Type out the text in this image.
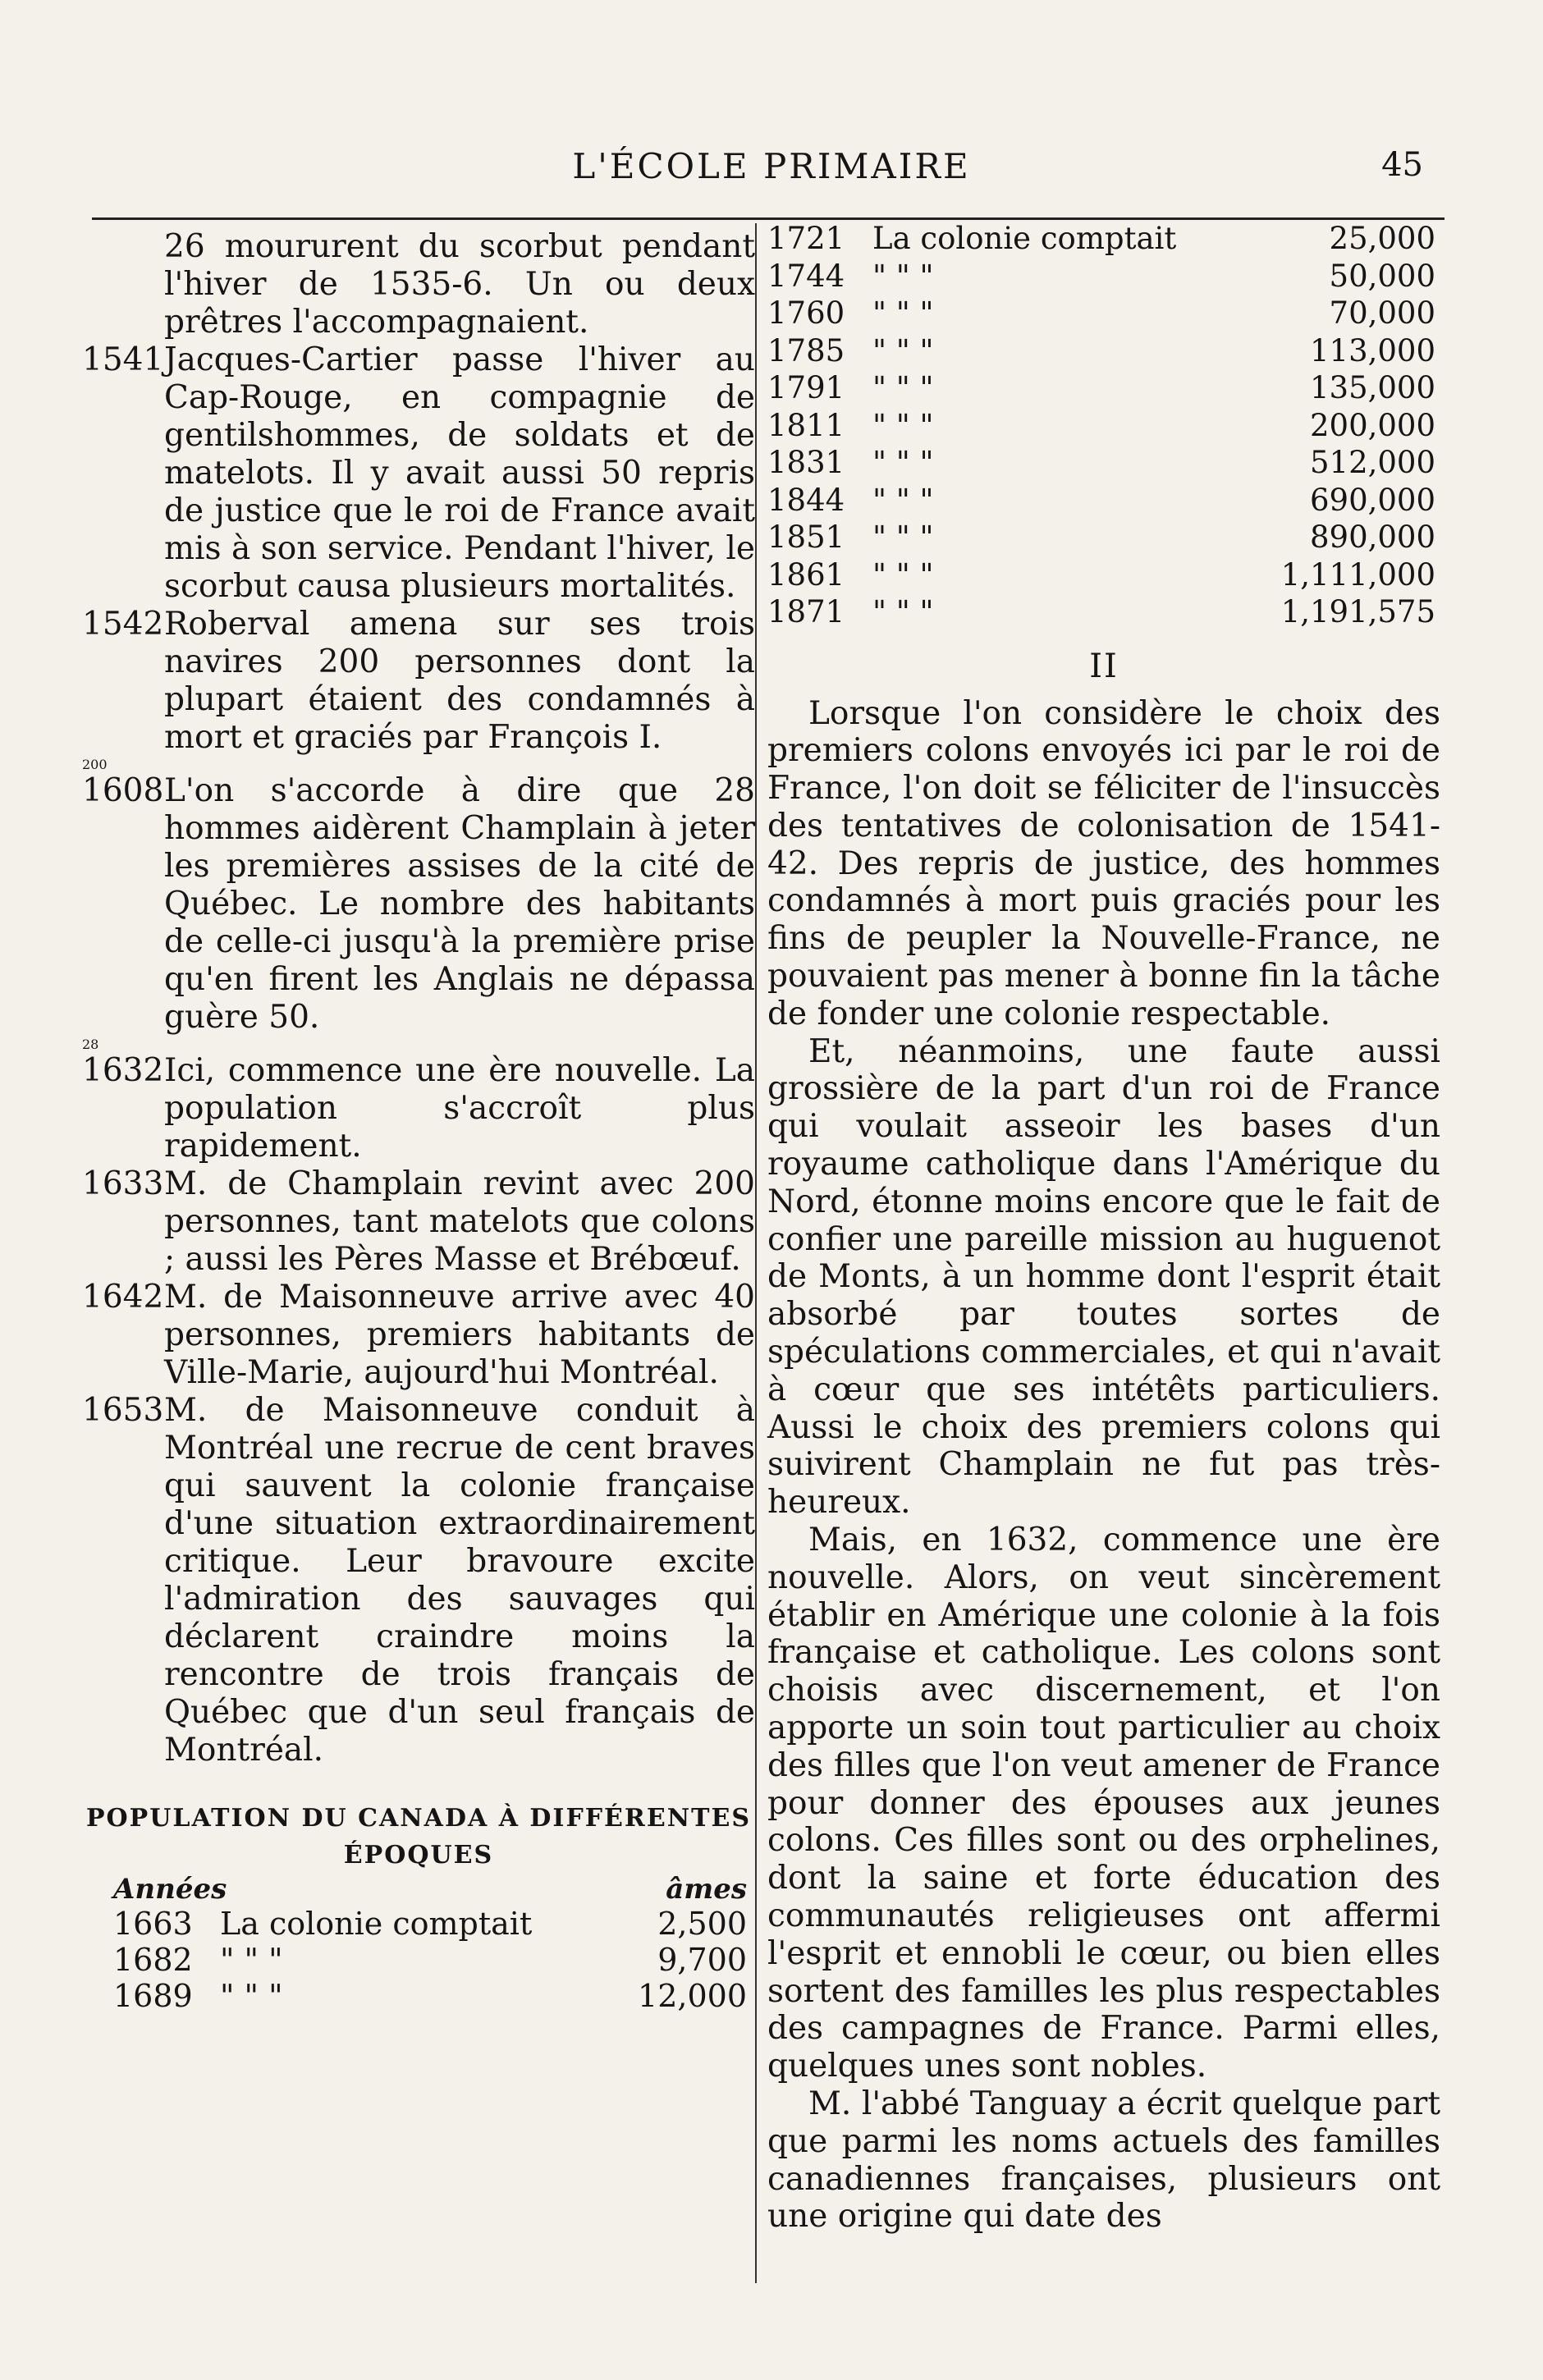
L'ÉCOLE PRIMAIRE	45
26 moururent du scorbut pendant l'hiver de 1535-6. Un ou deux prêtres l'accompagnaient.
1541 Jacques-Cartier passe l'hiver au Cap-Rouge, en compagnie de gentilshommes, de soldats et de matelots. Il y avait aussi 50 repris de justice que le roi de France avait mis à son service. Pendant l'hiver, le scorbut causa plusieurs mortalités.
1542 Roberval amena sur ses trois navires 200 personnes dont la plupart étaient des condamnés à mort et graciés par François I.
200
1608 L'on s'accorde à dire que 28 hommes aidèrent Champlain à jeter les premières assises de la cité de Québec. Le nombre des habitants de celle-ci jusqu'à la première prise qu'en firent les Anglais ne dépassa guère 50.
28
1632 Ici, commence une ère nouvelle. La population s'accroît plus rapidement.
1633 M. de Champlain revint avec 200 personnes, tant matelots que colons ; aussi les Pères Masse et Brébœuf.
1642 M. de Maisonneuve arrive avec 40 personnes, premiers habitants de Ville-Marie, aujourd'hui Montréal.
1653 M. de Maisonneuve conduit à Montréal une recrue de cent braves qui sauvent la colonie française d'une situation extraordinairement critique. Leur bravoure excite l'admiration des sauvages qui déclarent craindre moins la rencontre de trois français de Québec que d'un seul français de Montréal.
POPULATION DU CANADA À DIFFÉRENTES
ÉPOQUES
Années	âmes
1663 La colonie comptait	2,500
1682 " " "	9,700
1689 " " "	12,000
1721 La colonie comptait	25,000
1744 " " "	50,000
1760 " " "	70,000
1785 " " "	113,000
1791 " " "	135,000
1811 " " "	200,000
1831 " " "	512,000
1844 " " "	690,000
1851 " " "	890,000
1861 " " "	1,111,000
1871 " " "	1,191,575
II

Lorsque l'on considère le choix des premiers colons envoyés ici par le roi de France, l'on doit se féliciter de l'insuccès des tentatives de colonisation de 1541-42. Des repris de justice, des hommes condamnés à mort puis graciés pour les fins de peupler la Nouvelle-France, ne pouvaient pas mener à bonne fin la tâche de fonder une colonie respectable.

Et, néanmoins, une faute aussi grossière de la part d'un roi de France qui voulait asseoir les bases d'un royaume catholique dans l'Amérique du Nord, étonne moins encore que le fait de confier une pareille mission au huguenot de Monts, à un homme dont l'esprit était absorbé par toutes sortes de spéculations commerciales, et qui n'avait à cœur que ses intétêts particuliers. Aussi le choix des premiers colons qui suivirent Champlain ne fut pas très-heureux.

Mais, en 1632, commence une ère nouvelle. Alors, on veut sincèrement établir en Amérique une colonie à la fois française et catholique. Les colons sont choisis avec discernement, et l'on apporte un soin tout particulier au choix des filles que l'on veut amener de France pour donner des épouses aux jeunes colons. Ces filles sont ou des orphelines, dont la saine et forte éducation des communautés religieuses ont affermi l'esprit et ennobli le cœur, ou bien elles sortent des familles les plus respectables des campagnes de France. Parmi elles, quelques unes sont nobles.

M. l'abbé Tanguay a écrit quelque part que parmi les noms actuels des familles canadiennes françaises, plusieurs ont une origine qui date des
